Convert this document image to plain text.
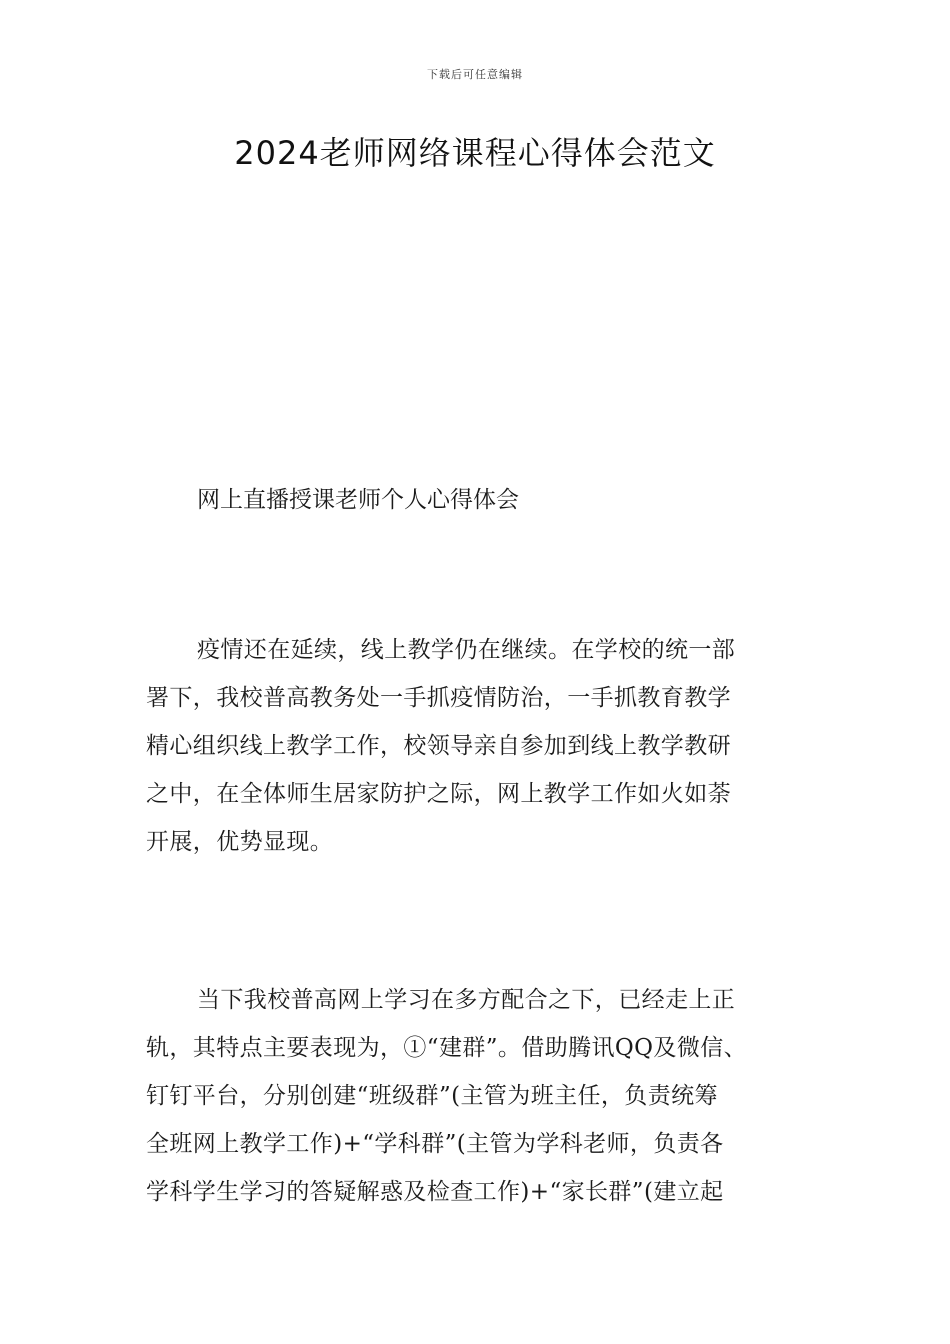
下载后可任意编辑
2024老师网络课程心得体会范文

网上直播授课老师个人心得体会

疫情还在延续，线上教学仍在继续。在学校的统一部
署下，我校普高教务处一手抓疫情防治，一手抓教育教学
精心组织线上教学工作，校领导亲自参加到线上教学教研
之中，在全体师生居家防护之际，网上教学工作如火如荼
开展，优势显现。
当下我校普高网上学习在多方配合之下，已经走上正
轨，其特点主要表现为，①“建群”。借助腾讯QQ及微信、
钉钉平台，分别创建“班级群”(主管为班主任，负责统筹
全班网上教学工作)+“学科群”(主管为学科老师，负责各
学科学生学习的答疑解惑及检查工作)+“家长群”(建立起
